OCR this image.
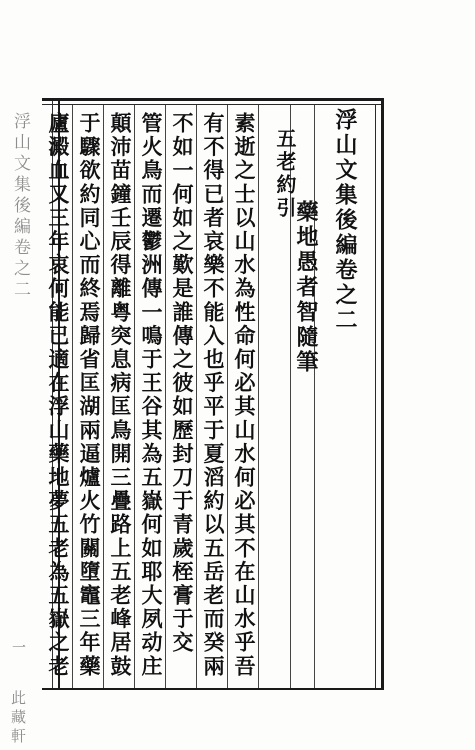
浮山文集後編卷之二
藥地愚者智隨筆
五老約引
素逝之士以山水為性命何必其山水何必其不在山水乎吾
有不得已者哀樂不能入也乎平于夏滔約以五岳老而癸兩
不如一何如之歎是誰傳之彼如歷封刀于青歲桎膏于交
管火鳥而遷鬱洲傳一鳴于王谷其為五嶽何如耶大夙动庄
顛沛苗鐘壬辰得離粤突息病匡鳥開三疊路上五老峰居鼓
于驟欲約同心而終焉歸省匡湖兩逼爐火竹關墮竈三年藥
廬澱血又三年哀何能已適在浮山藥地夢五老為五嶽之老
浮山文集後編卷之二
一
此藏軒
